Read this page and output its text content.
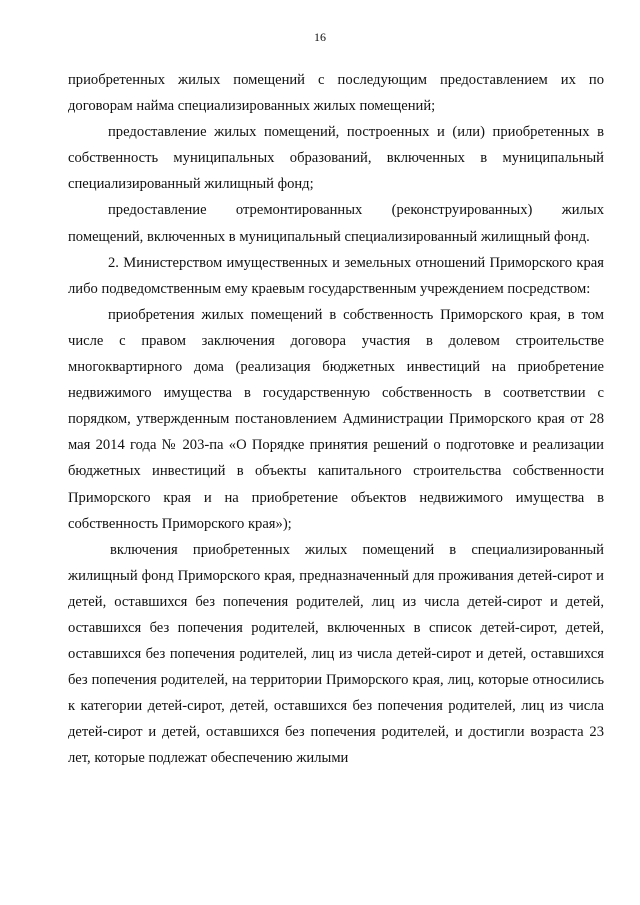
16

приобретенных жилых помещений с последующим предоставлением их по договорам найма специализированных жилых помещений;

предоставление жилых помещений, построенных и (или) приобретенных в собственность муниципальных образований, включенных в муниципальный специализированный жилищный фонд;

предоставление отремонтированных (реконструированных) жилых помещений, включенных в муниципальный специализированный жилищный фонд.

2. Министерством имущественных и земельных отношений Приморского края либо подведомственным ему краевым государственным учреждением посредством:

приобретения жилых помещений в собственность Приморского края, в том числе с правом заключения договора участия в долевом строительстве многоквартирного дома (реализация бюджетных инвестиций на приобретение недвижимого имущества в государственную собственность в соответствии с порядком, утвержденным постановлением Администрации Приморского края от 28 мая 2014 года № 203-па «О Порядке принятия решений о подготовке и реализации бюджетных инвестиций в объекты капитального строительства собственности Приморского края и на приобретение объектов недвижимого имущества в собственность Приморского края»);

включения приобретенных жилых помещений в специализированный жилищный фонд Приморского края, предназначенный для проживания детей-сирот и детей, оставшихся без попечения родителей, лиц из числа детей-сирот и детей, оставшихся без попечения родителей, включенных в список детей-сирот, детей, оставшихся без попечения родителей, лиц из числа детей-сирот и детей, оставшихся без попечения родителей, на территории Приморского края, лиц, которые относились к категории детей-сирот, детей, оставшихся без попечения родителей, лиц из числа детей-сирот и детей, оставшихся без попечения родителей, и достигли возраста 23 лет, которые подлежат обеспечению жилыми
